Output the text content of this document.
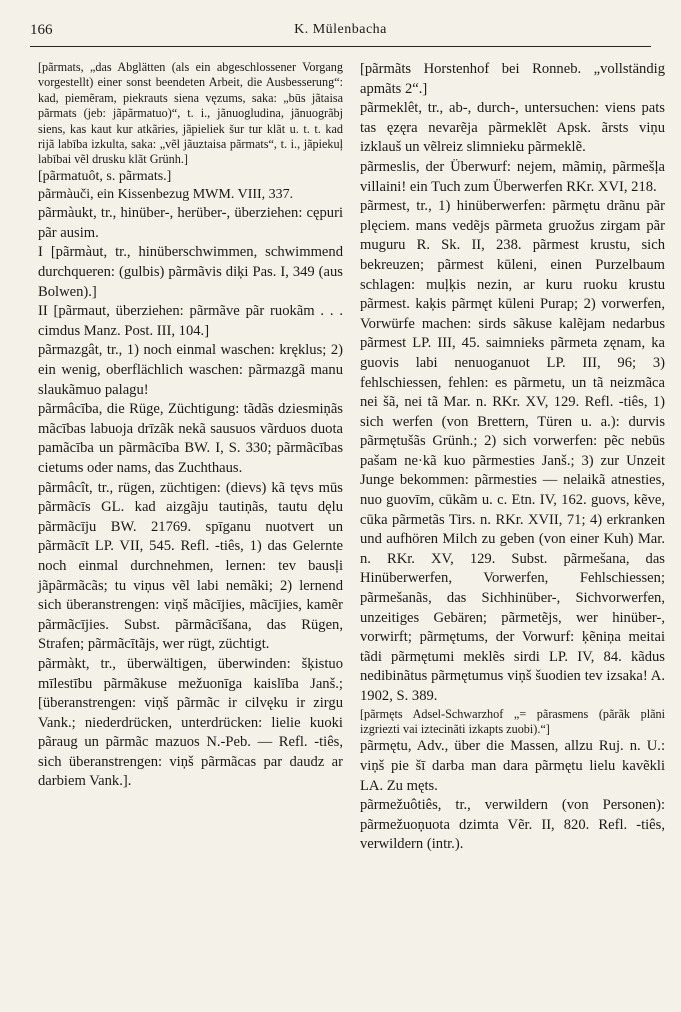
166	K. Mülenbacha

[pãrmats, „das Abglätten (als ein abgeschlossener Vorgang vorgestellt) einer sonst beendeten Arbeit, die Ausbesserung“: kad, piemẽram, piekrauts siena vęzums, saka: „būs jãtaisa pãrmats (jeb: jãpãrmatuo)“, t. i., jãnuogludina, jãnuogrãbj siens, kas kaut kur atkãries, jãpieliek šur tur klãt u. t. t. kad rijã labība izkulta, saka: „vẽl jãuztaisa pãrmats“, t. i., jãpiekuļ labībai vẽl drusku klãt Grünh.]

[pãrmatuôt, s. pãrmats.]

pãrmàuči, ein Kissenbezug MWM. VIII, 337.

pãrmàukt, tr., hinüber-, herüber-, überziehen: cępuri pãr ausim.

I [pãrmàut, tr., hinüberschwimmen, schwimmend durchqueren: (gulbis) pãrmãvis diķi Pas. I, 349 (aus Bolwen).]

II [pãrmaut, überziehen: pãrmãve pãr ruokãm . . . cimdus Manz. Post. III, 104.]

pãrmazgât, tr., 1) noch einmal waschen: kręklus; 2) ein wenig, oberflächlich waschen: pãrmazgã manu slaukãmuo palagu!

pãrmâcība, die Rüge, Züchtigung: tãdãs dziesmiņãs mãcības labuoja drīzãk nekã sausuos vãrduos duota pamãcība un pãrmãcība BW. I, S. 330; pãrmãcības cietums oder nams, das Zuchthaus.

pãrmâcît, tr., rügen, züchtigen: (dievs) kã tęvs mūs pãrmãcīs GL. kad aizgãju tautiņãs, tautu dęlu pãrmãcīju BW. 21769. spīganu nuotvert un pãrmãcīt LP. VII, 545. Refl. -tiês, 1) das Gelernte noch einmal durchnehmen, lernen: tev bausļi jãpãrmãcãs; tu viņus vẽl labi nemãki; 2) lernend sich überanstrengen: viņš mãcījies, mãcījies, kamẽr pãrmãcījies. Subst. pãrmãcīšana, das Rügen, Strafen; pãrmãcītãjs, wer rügt, züchtigt.

pãrmàkt, tr., überwältigen, überwinden: šķistuo mīlestību pãrmãkuse mežuonīga kaislība Janš.; [überanstrengen: viņš pãrmãc ir cilvęku ir zirgu Vank.; niederdrücken, unterdrücken: lielie kuoki pãraug un pãrmãc mazuos N.-Peb. — Refl. -tiês, sich überanstrengen: viņš pãrmãcas par daudz ar darbiem Vank.].

[pãrmãts Horstenhof bei Ronneb. „vollständig apmãts 2“.]

pãrmeklêt, tr., ab-, durch-, untersuchen: viens pats tas ęzęra nevarẽja pãrmeklẽt Apsk. ãrsts viņu izklauš un vẽlreiz slimnieku pãrmeklẽ.

pãrmeslis, der Überwurf: nejem, mãmiņ, pãrmešļa villaini! ein Tuch zum Überwerfen RKr. XVI, 218.

pãrmest, tr., 1) hinüberwerfen: pãrmętu drãnu pãr plęciem. mans vedẽjs pãrmeta gruožus zirgam pãr muguru R. Sk. II, 238. pãrmest krustu, sich bekreuzen; pãrmest kūleni, einen Purzelbaum schlagen: muļķis nezin, ar kuru ruoku krustu pãrmest. kaķis pãrmęt kūleni Purap; 2) vorwerfen, Vorwürfe machen: sirds sãkuse kalẽjam nedarbus pãrmest LP. III, 45. saimnieks pãrmeta zęnam, ka guovis labi nenuoganuot LP. III, 96; 3) fehlschiessen, fehlen: es pãrmetu, un tã neizmãca nei šã, nei tã Mar. n. RKr. XV, 129. Refl. -tiês, 1) sich werfen (von Brettern, Türen u. a.): durvis pãrmętušãs Grünh.; 2) sich vorwerfen: pẽc nebūs pašam ne·kã kuo pãrmesties Janš.; 3) zur Unzeit Junge bekommen: pãrmesties — nelaikã atnesties, nuo guovīm, cūkãm u. c. Etn. IV, 162. guovs, kẽve, cūka pãrmetãs Tirs. n. RKr. XVII, 71; 4) erkranken und aufhören Milch zu geben (von einer Kuh) Mar. n. RKr. XV, 129. Subst. pãrmešana, das Hinüberwerfen, Vorwerfen, Fehlschiessen; pãrmešanãs, das Sichhinüber-, Sichvorwerfen, unzeitiges Gebären; pãrmetẽjs, wer hinüber-, vorwirft; pãrmętums, der Vorwurf: ķẽniņa meitai tãdi pãrmętumi meklẽs sirdi LP. IV, 84. kãdus nedibinãtus pãrmętumus viņš šuodien tev izsaka! A. 1902, S. 389.

[pãrmęts Adsel-Schwarzhof „= pãrasmens (pãrãk plãni izgriezti vai iztecinãti izkapts zuobi).“]

pãrmętu, Adv., über die Massen, allzu Ruj. n. U.: viņš pie šī darba man dara pãrmętu lielu kavẽkli LA. Zu męts.

pãrmežuôtiês, tr., verwildern (von Personen): pãrmežuoņuota dzimta Vẽr. II, 820. Refl. -tiês, verwildern (intr.).
